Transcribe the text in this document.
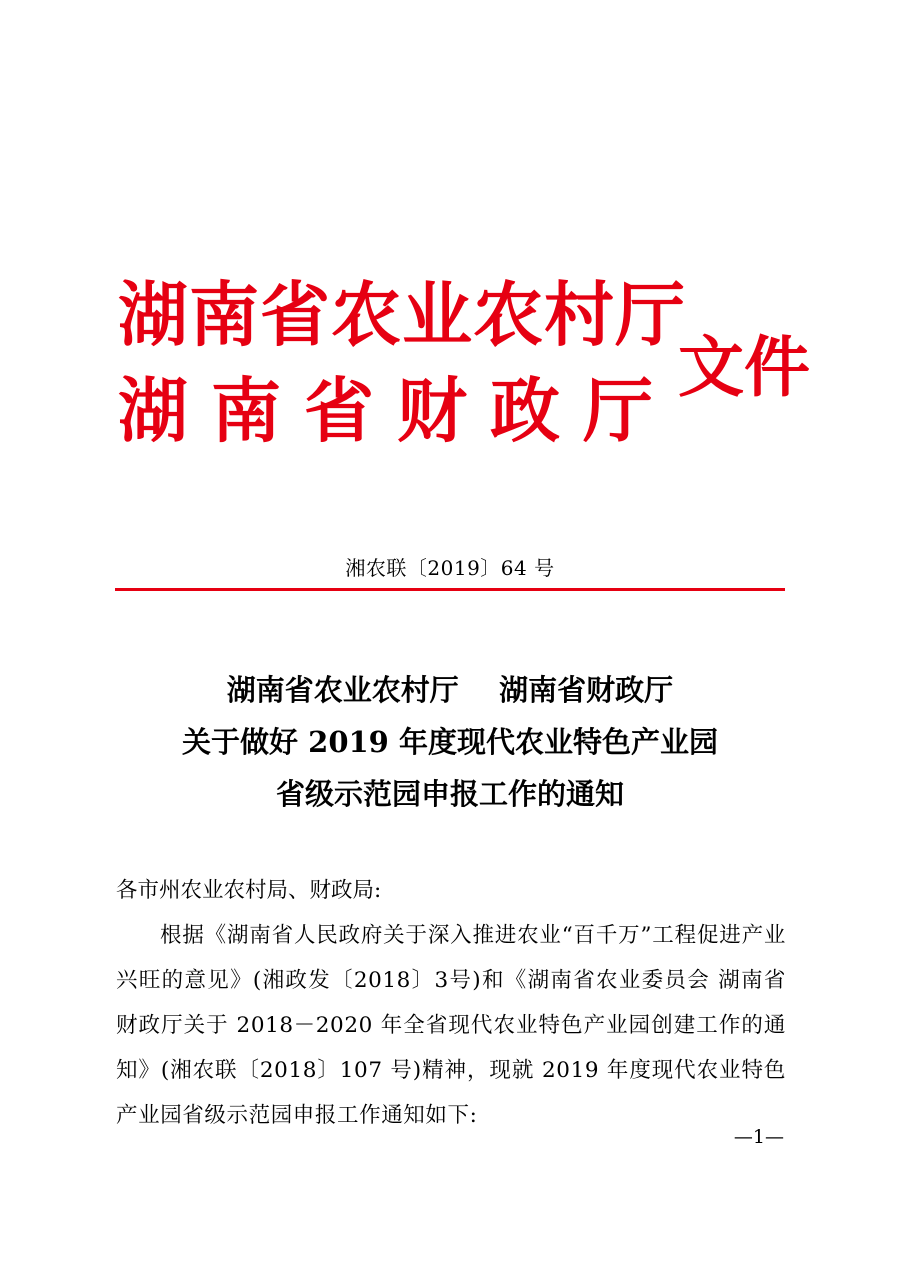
湖南省农业农村厅
湖南省财政厅
文件
湘农联〔2019〕64 号
湖南省农业农村厅    湖南省财政厅
关于做好 2019 年度现代农业特色产业园
省级示范园申报工作的通知
各市州农业农村局、财政局:
根据《湖南省人民政府关于深入推进农业“百千万”工程促进产业兴旺的意见》(湘政发〔2018〕3号)和《湖南省农业委员会 湖南省财政厅关于 2018－2020 年全省现代农业特色产业园创建工作的通知》(湘农联〔2018〕107 号)精神，现就 2019 年度现代农业特色产业园省级示范园申报工作通知如下:
—1—
